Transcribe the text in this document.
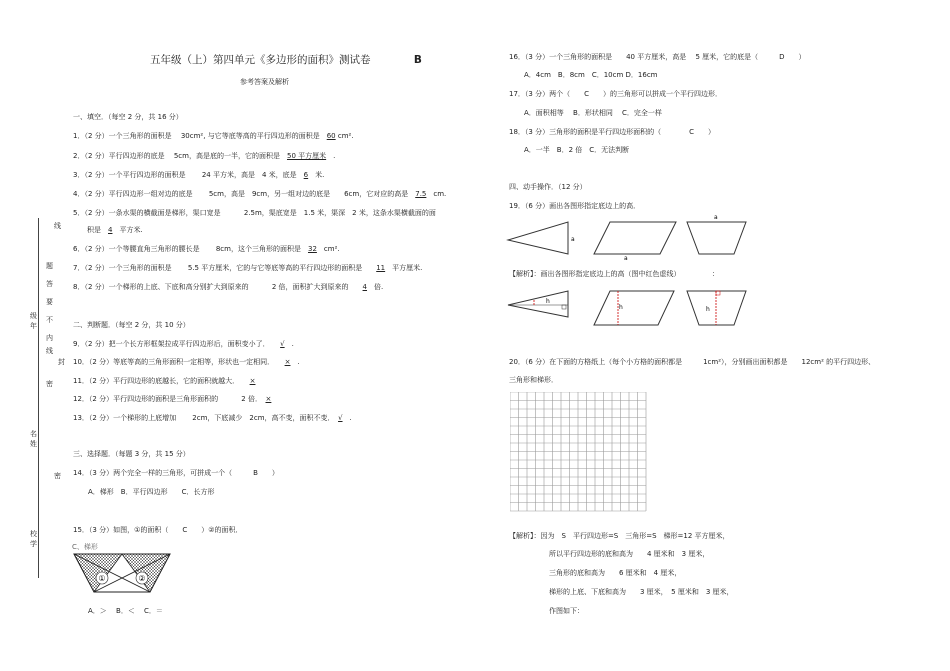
线
题
答
要
不
内
线
封
密
级
年
名
姓
密
校
学
五年级（上）第四单元《多边形的面积》测试卷	B
参考答案及解析
一、填空．（每空 2 分，共 16 分）
1．（2 分）一个三角形的面积是　 30cm², 与它等底等高的平行四边形的面积是　60 cm².
2．（2 分）平行四边形的底是　 5cm，高是底的一半，它的面积是　50 平方厘米　.
3．（2 分）一个平行四边形的面积是　　 24 平方米，高是　4 米，底是　6　米.
4．（2 分）平行四边形一组对边的底是　　 5cm，高是　9cm，另一组对边的底是　　6cm，它对应的高是　7.5　cm.
5．（2 分）一条水渠的横截面是梯形，渠口宽是　　　 2.5m，渠底宽是　1.5 米，渠深　2 米，这条水渠横截面的面
　　积是　4　平方米.
6．（2 分）一个等腰直角三角形的腰长是　　 8cm，这个三角形的面积是　32　cm².
7．（2 分）一个三角形的面积是　　 5.5 平方厘米，它的与它等底等高的平行四边形的面积是　　11　平方厘米.
8．（2 分）一个梯形的上底、下底和高分别扩大到原来的　　　 2 倍，面积扩大到原来的　　4　倍.
二、判断题．（每空 2 分，共 10 分）
9．（2 分）把一个长方形框架拉成平行四边形后，面积变小了．　　 √　.
10．（2 分）等底等高的三角形面积一定相等，形状也一定相同．　　 ×　.
11．（2 分）平行四边形的底越长，它的面积就越大．　　 ×
12．（2 分）平行四边形的面积是三角形面积的　　　 2 倍．　 ×
13．（2 分）一个梯形的上底增加　　 2cm，下底减少　2cm，高不变，面积不变．　 √　.
三、选择题．（每题 3 分，共 15 分）
14．（3 分）两个完全一样的三角形，可拼成一个（　　　B　　）
A．梯形　B．平行四边形　　C．长方形
15．（3 分）如图，①的面积（　　C　　）②的面积．
C、梯形
①	②
A．＞　 B．＜　 C．＝
16．（3 分）一个三角形的面积是　　40 平方厘米，高是　 5 厘米，它的底是（　　　D　　）
A．4cm　B．8cm　C．10cm D．16cm
17．（3 分）两个（　　C　　）的三角形可以拼成一个平行四边形．
A．面积相等　 B．形状相同　 C．完全一样
18．（3 分）三角形的面积是平行四边形面积的（　　　　C　　）
A．一半　B．2 倍　C．无法判断
四、动手操作．（12 分）
19．（6 分）画出各图形指定底边上的高．
a
a
a
【解析】：画出各图形指定底边上的高（图中红色虚线）　　　　　：
h
h	h
20．（6 分）在下面的方格纸上（每个小方格的面积都是　　　1cm²），分别画出面积都是　　12cm² 的平行四边形、
三角形和梯形．
【解析】：因为　S　平行四边形=S　三角形=S　梯形=12 平方厘米，
所以平行四边形的底和高为　　4 厘米和　3 厘米，
三角形的底和高为　　6 厘米和　4 厘米，
梯形的上底、下底和高为　　3 厘米，　5 厘米和　3 厘米，
作图如下：
